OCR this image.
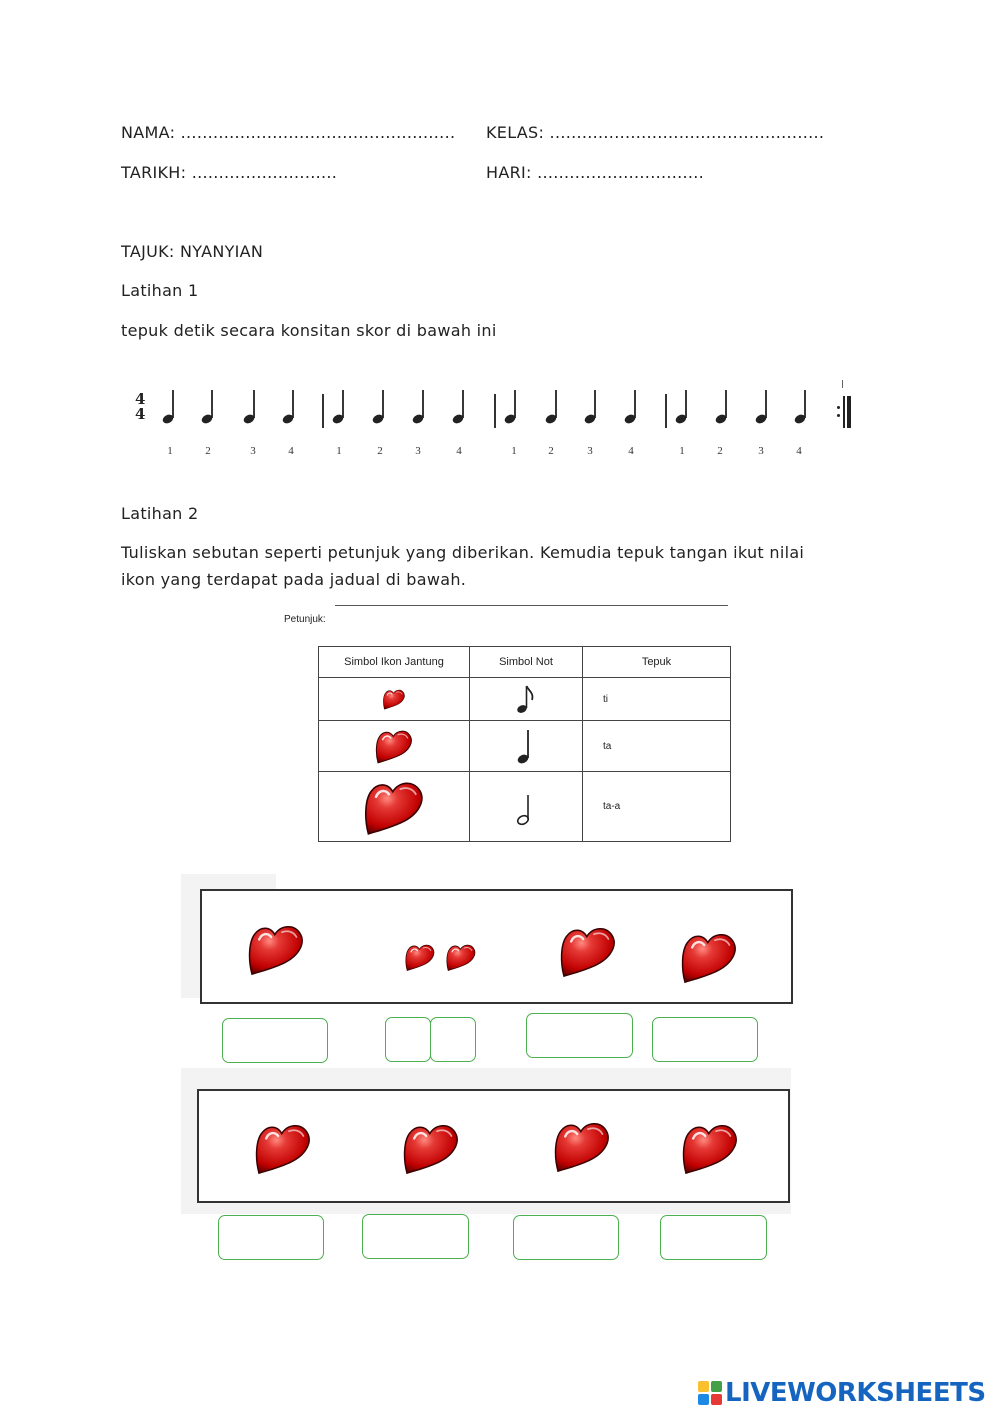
NAMA: ................................................... KELAS: ...................................................
TARIKH: ...........................	HARI: ...............................
TAJUK: NYANYIAN
Latihan 1
tepuk detik secara konsitan skor di bawah ini
4
4
1	2	3	4	1	2	3	4	1	2	3	4	1	2	3	4
Latihan 2
Tuliskan sebutan seperti petunjuk yang diberikan. Kemudia tepuk tangan ikut nilai
ikon yang terdapat pada jadual di bawah.
Petunjuk:
Simbol Ikon Jantung	Simbol Not	Tepuk

	ti

	ta

	ta-a
LIVEWORKSHEETS
